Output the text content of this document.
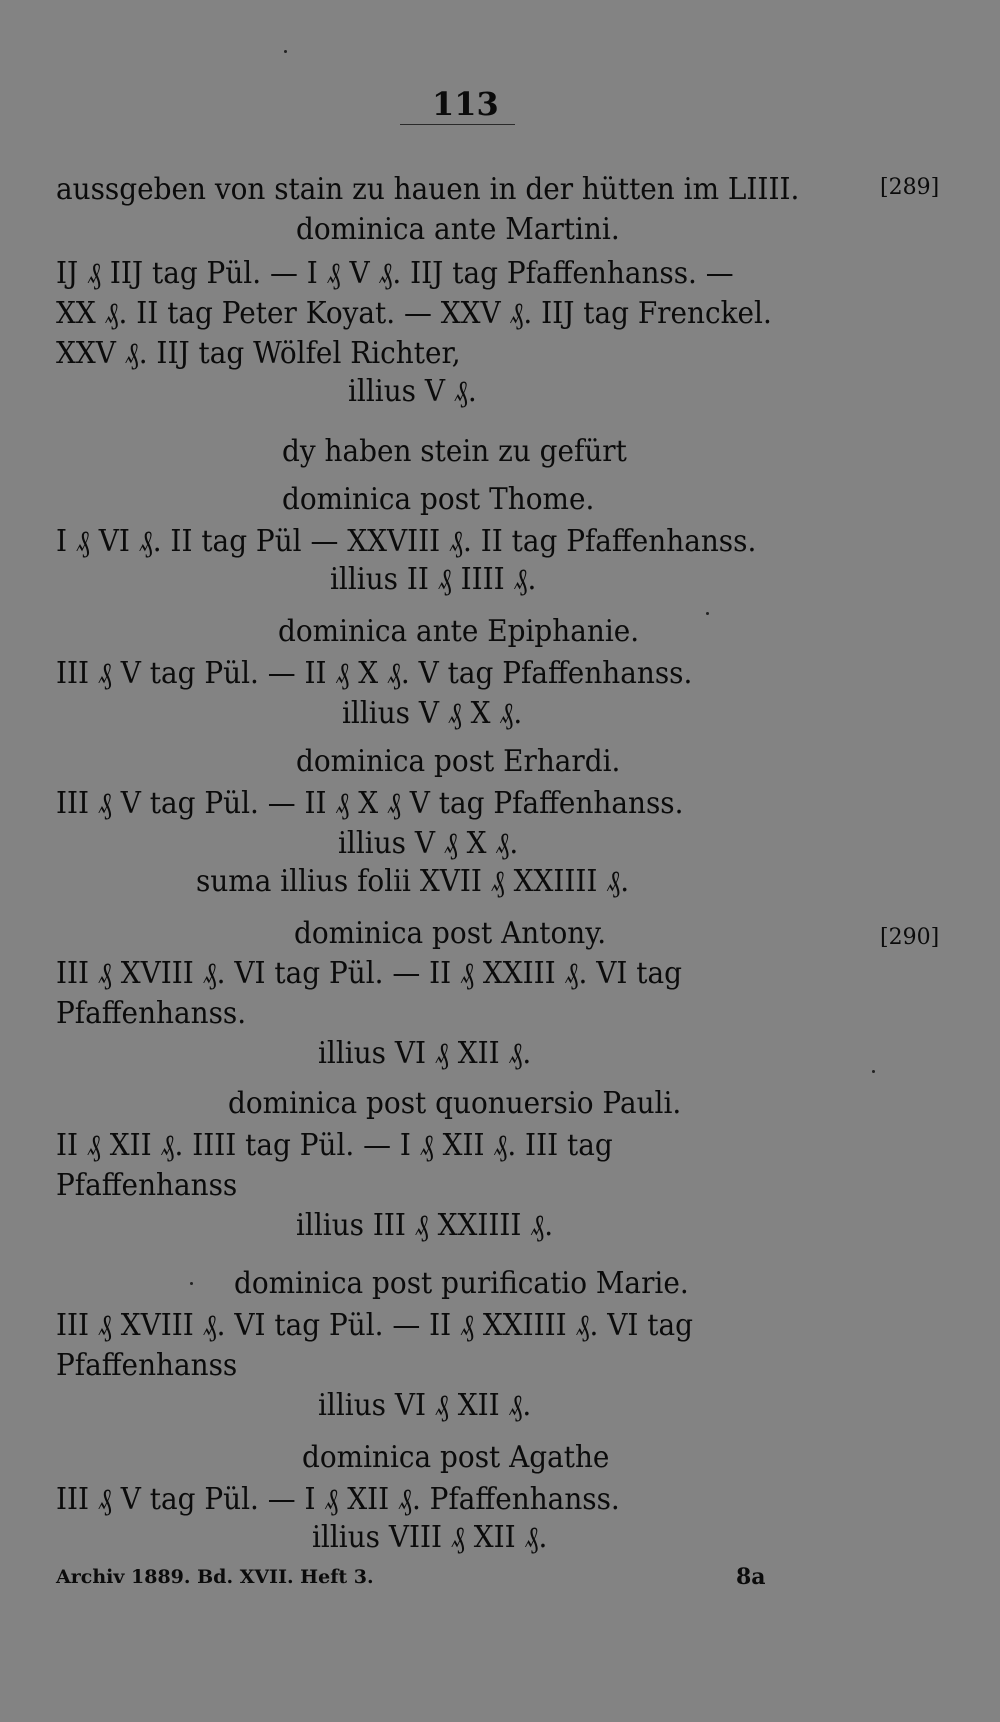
113
[289]
[290]
aussgeben von stain zu hauen in der hütten im LIIII.
dominica ante Martini.
IJ ₰ IIJ tag Pül. — I ₰ V ₰. IIJ tag Pfaffenhanss. —
XX ₰. II tag Peter Koyat. — XXV ₰. IIJ tag Frenckel.
XXV ₰. IIJ tag Wölfel Richter,
illius V ₰.
dy haben stein zu gefürt
dominica post Thome.
I ₰ VI ₰. II tag Pül — XXVIII ₰. II tag Pfaffenhanss.
illius II ₰ IIII ₰.
dominica ante Epiphanie.
III ₰ V tag Pül. — II ₰ X ₰. V tag Pfaffenhanss.
illius V ₰ X ₰.
dominica post Erhardi.
III ₰ V tag Pül. — II ₰ X ₰ V tag Pfaffenhanss.
illius V ₰ X ₰.
suma illius folii XVII ₰ XXIIII ₰.
dominica post Antony.
III ₰ XVIII ₰. VI tag Pül. — II ₰ XXIII ₰. VI tag
Pfaffenhanss.
illius VI ₰ XII ₰.
dominica post quonuersio Pauli.
II ₰ XII ₰. IIII tag Pül. — I ₰ XII ₰. III tag
Pfaffenhanss
illius III ₰ XXIIII ₰.
dominica post purificatio Marie.
III ₰ XVIII ₰. VI tag Pül. — II ₰ XXIIII ₰. VI tag
Pfaffenhanss
illius VI ₰ XII ₰.
dominica post Agathe
III ₰ V tag Pül. — I ₰ XII ₰. Pfaffenhanss.
illius VIII ₰ XII ₰.
Archiv 1889. Bd. XVII. Heft 3.	8a
